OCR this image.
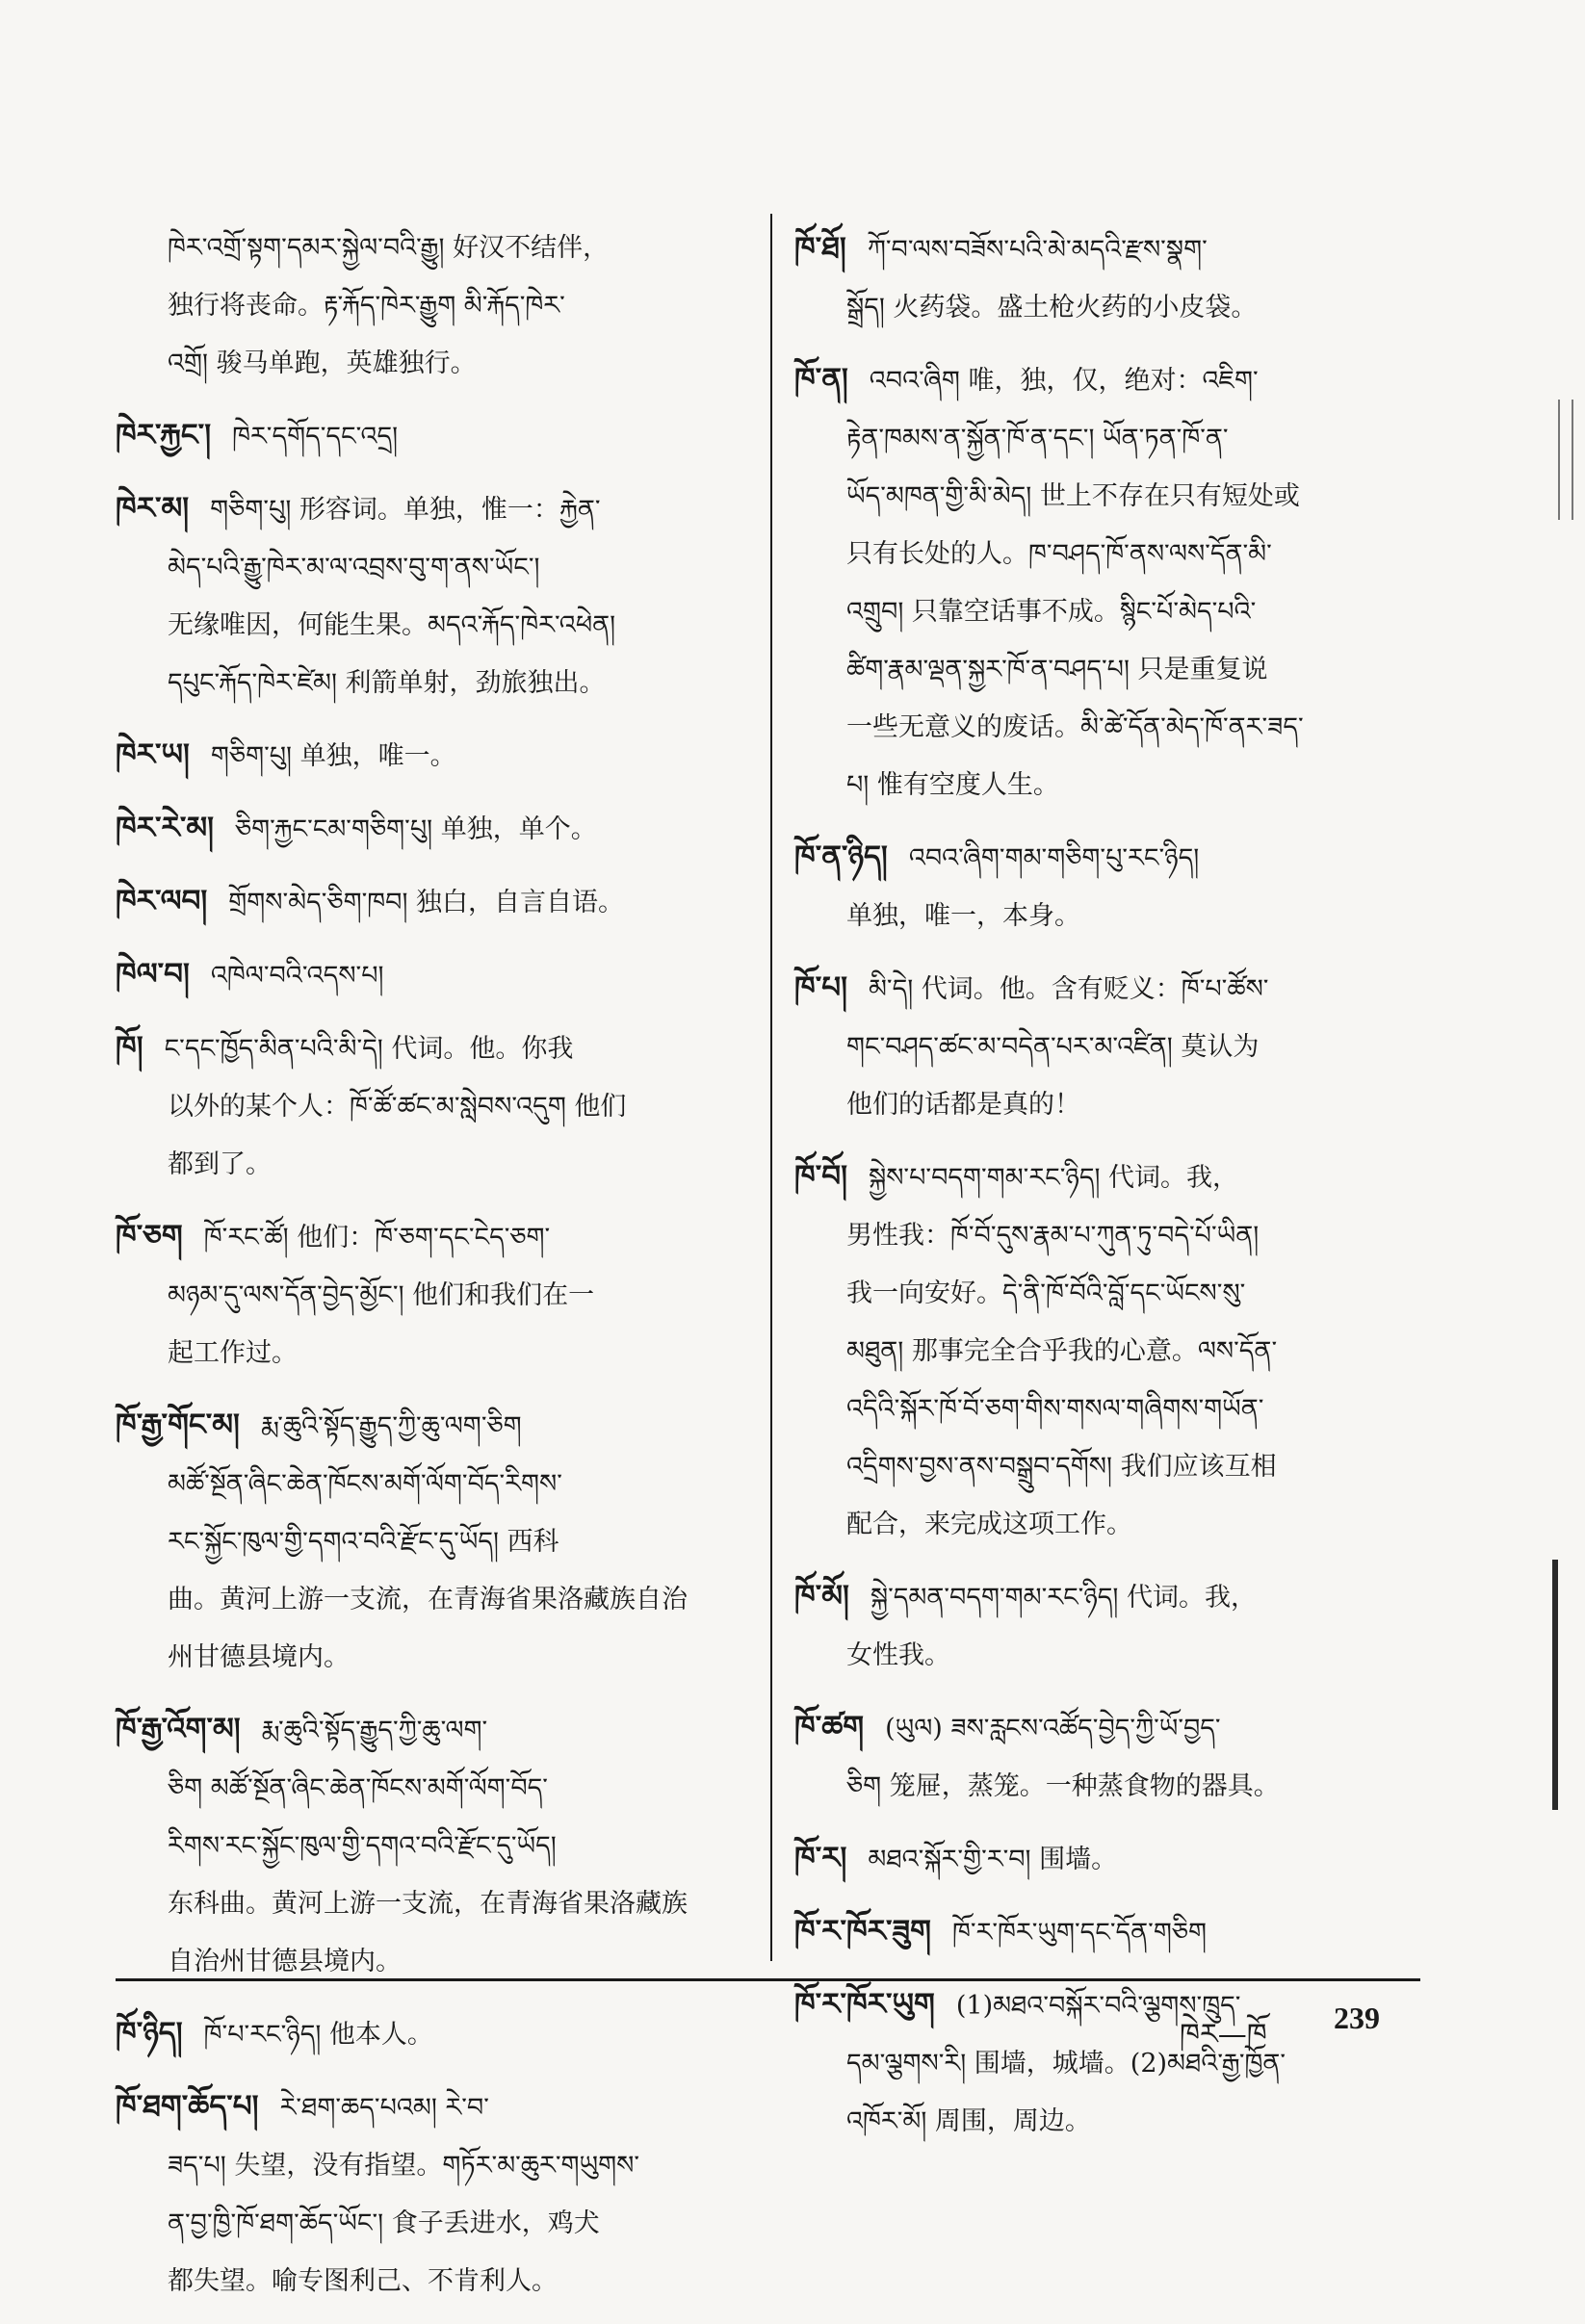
ཁེར་འགྲོ་སྟག་དམར་སྐྱེལ་བའི་རྒྱུ། 好汉不结伴，
独行将丧命。རྟ་རྐོད་ཁེར་རྒྱུག མི་རྐོད་ཁེར་
འགྲོ། 骏马单跑，英雄独行。
ཁེར་རྐྱང་། ཁེར་དགོད་དང་འདྲ།
ཁེར་མ། གཅིག་པུ། 形容词。单独，惟一：རྐྱེན་
མེད་པའི་རྒྱུ་ཁེར་མ་ལ་འབྲས་བུ་ག་ནས་ཡོང་།
无缘唯因，何能生果。མདའ་རྐོད་ཁེར་འཕེན།
དཔུང་རྐོད་ཁེར་ཛེམ། 利箭单射，劲旅独出。
ཁེར་ཡ། གཅིག་པུ། 单独，唯一。
ཁེར་རེ་མ། ཅིག་རྐྱང་ངམ་གཅིག་པུ། 单独，单个。
ཁེར་ལབ། གྲོགས་མེད་ཅིག་ཁབ། 独白，自言自语。
ཁེལ་བ། འཁེལ་བའི་འདས་པ།
ཁོ། ང་དང་ཁྱོད་མིན་པའི་མི་དེ། 代词。他。你我
以外的某个人：ཁོ་ཚོ་ཚང་མ་སླེབས་འདུག 他们
都到了。
ཁོ་ཅག ཁོ་རང་ཚོ། 他们：ཁོ་ཅག་དང་ངེད་ཅག་
མཉམ་དུ་ལས་དོན་བྱེད་མྱོང་། 他们和我们在一
起工作过。
ཁོ་རྒྱ་གོང་མ། རྨ་ཆུའི་སྟོད་རྒྱུད་ཀྱི་ཆུ་ལག་ཅིག
མཚོ་སྔོན་ཞིང་ཆེན་ཁོངས་མགོ་ལོག་བོད་རིགས་
རང་སྐྱོང་ཁུལ་གྱི་དགའ་བའི་རྫོང་དུ་ཡོད། 西科
曲。黄河上游一支流，在青海省果洛藏族自治
州甘德县境内。
ཁོ་རྒྱ་འོག་མ། རྨ་ཆུའི་སྟོད་རྒྱུད་ཀྱི་ཆུ་ལག་
ཅིག མཚོ་སྔོན་ཞིང་ཆེན་ཁོངས་མགོ་ལོག་བོད་
རིགས་རང་སྐྱོང་ཁུལ་གྱི་དགའ་བའི་རྫོང་དུ་ཡོད།
东科曲。黄河上游一支流，在青海省果洛藏族
自治州甘德县境内。
ཁོ་ཉིད། ཁོ་པ་རང་ཉིད། 他本人。
ཁོ་ཐག་ཆོད་པ། རེ་ཐག་ཆད་པའམ། རེ་བ་
ཟད་པ། 失望，没有指望。གཏོར་མ་ཆུར་གཡུགས་
ན་བྱ་ཁྱི་ཁོ་ཐག་ཆོད་ཡོང་། 食子丢进水，鸡犬
都失望。喻专图利己、不肯利人。
ཁོ་ཐོ། ཀོ་བ་ལས་བཟོས་པའི་མེ་མདའི་རྫས་སྣག་
སྒྲོད། 火药袋。盛土枪火药的小皮袋。
ཁོ་ན། འབའ་ཞིག 唯，独，仅，绝对：འཇིག་
རྟེན་ཁམས་ན་སྐྱོན་ཁོ་ན་དང་། ཡོན་ཏན་ཁོ་ན་
ཡོད་མཁན་གྱི་མི་མེད། 世上不存在只有短处或
只有长处的人。ཁ་བཤད་ཁོ་ནས་ལས་དོན་མི་
འགྲུབ། 只靠空话事不成。སྙིང་པོ་མེད་པའི་
ཚིག་རྣམ་ལྡན་སྐྱར་ཁོ་ན་བཤད་པ། 只是重复说
一些无意义的废话。མི་ཚེ་དོན་མེད་ཁོ་ནར་ཟད་
པ། 惟有空度人生。
ཁོ་ན་ཉིད། འབའ་ཞིག་གམ་གཅིག་པུ་རང་ཉིད།
单独，唯一，本身。
ཁོ་པ། མི་དེ། 代词。他。含有贬义：ཁོ་པ་ཚོས་
གང་བཤད་ཚང་མ་བདེན་པར་མ་འཛིན། 莫认为
他们的话都是真的！
ཁོ་བོ། སྐྱེས་པ་བདག་གམ་རང་ཉིད། 代词。我，
男性我：ཁོ་བོ་དུས་རྣམ་པ་ཀུན་ཏུ་བདེ་པོ་ཡིན།
我一向安好。དེ་ནི་ཁོ་བོའི་བློ་དང་ཡོངས་སུ་
མཐུན། 那事完全合乎我的心意。ལས་དོན་
འདིའི་སྐོར་ཁོ་བོ་ཅག་གིས་གསལ་གཞིགས་གཡོན་
འདྲིགས་བྱས་ནས་བསྒྲུབ་དགོས། 我们应该互相
配合，来完成这项工作。
ཁོ་མོ། སྐྱེ་དམན་བདག་གམ་རང་ཉིད། 代词。我，
女性我。
ཁོ་ཚག (ཡུལ) ཟས་རླངས་འཚོད་བྱེད་ཀྱི་ཡོ་བྱད་
ཅིག 笼屉，蒸笼。一种蒸食物的器具。
ཁོ་ར། མཐའ་སྐོར་གྱི་ར་བ། 围墙。
ཁོ་ར་ཁོར་ཟུག ཁོ་ར་ཁོར་ཡུག་དང་དོན་གཅིག
ཁོ་ར་ཁོར་ཡུག (1)མཐའ་བསྐོར་བའི་ལྕགས་ཁྲུད་
དམ་ལྕགས་རི། 围墙，城墙。(2)མཐའི་རྒྱ་ཁྱོན་
འཁོར་མོ། 周围，周边。
ཁེར—ཁོ 239
